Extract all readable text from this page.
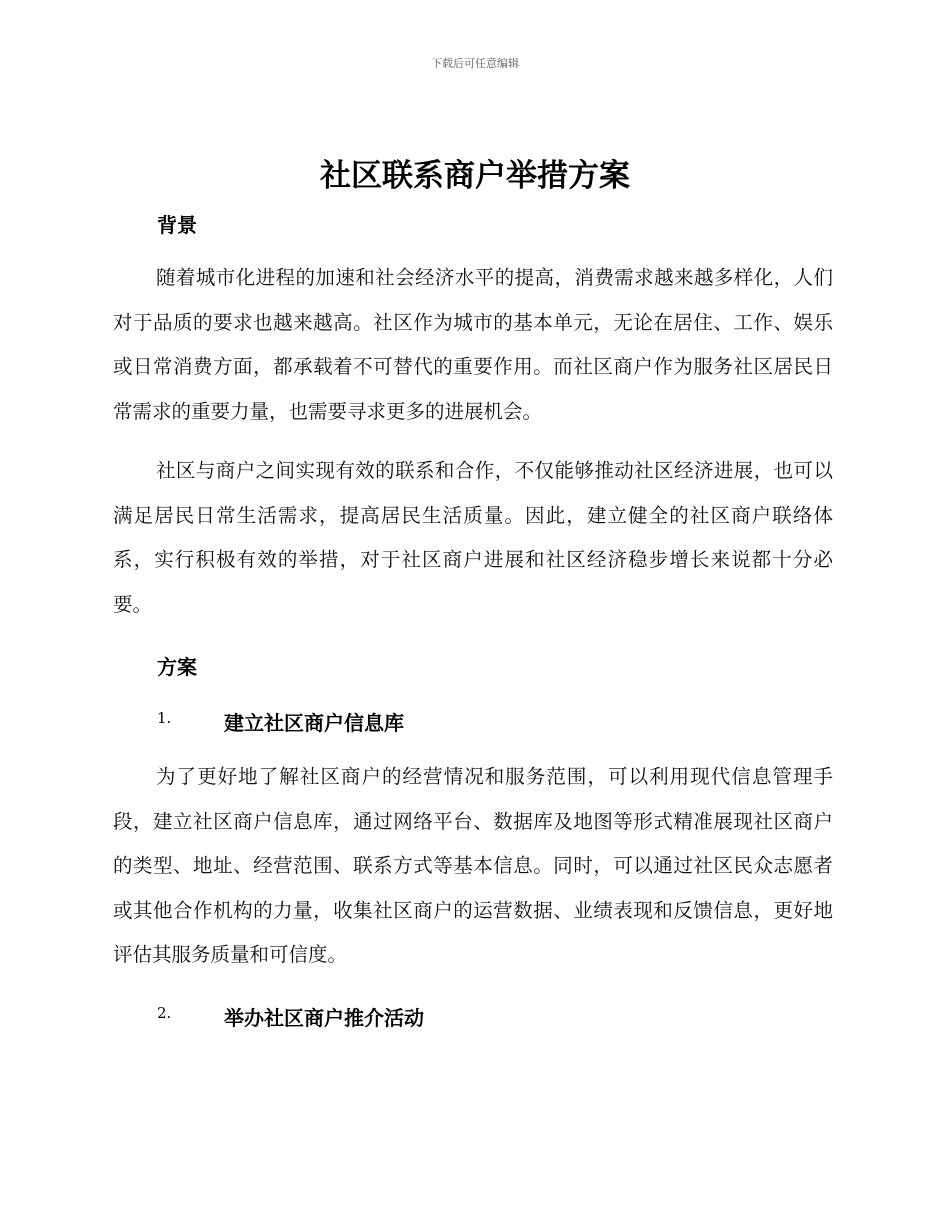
下载后可任意编辑
社区联系商户举措方案
背景

随着城市化进程的加速和社会经济水平的提高，消费需求越来越多样化，人们对于品质的要求也越来越高。社区作为城市的基本单元，无论在居住、工作、娱乐或日常消费方面，都承载着不可替代的重要作用。而社区商户作为服务社区居民日常需求的重要力量，也需要寻求更多的进展机会。

社区与商户之间实现有效的联系和合作，不仅能够推动社区经济进展，也可以满足居民日常生活需求，提高居民生活质量。因此，建立健全的社区商户联络体系，实行积极有效的举措，对于社区商户进展和社区经济稳步增长来说都十分必要。

方案
1.	建立社区商户信息库

为了更好地了解社区商户的经营情况和服务范围，可以利用现代信息管理手段，建立社区商户信息库，通过网络平台、数据库及地图等形式精准展现社区商户的类型、地址、经营范围、联系方式等基本信息。同时，可以通过社区民众志愿者或其他合作机构的力量，收集社区商户的运营数据、业绩表现和反馈信息，更好地评估其服务质量和可信度。

2.	举办社区商户推介活动
